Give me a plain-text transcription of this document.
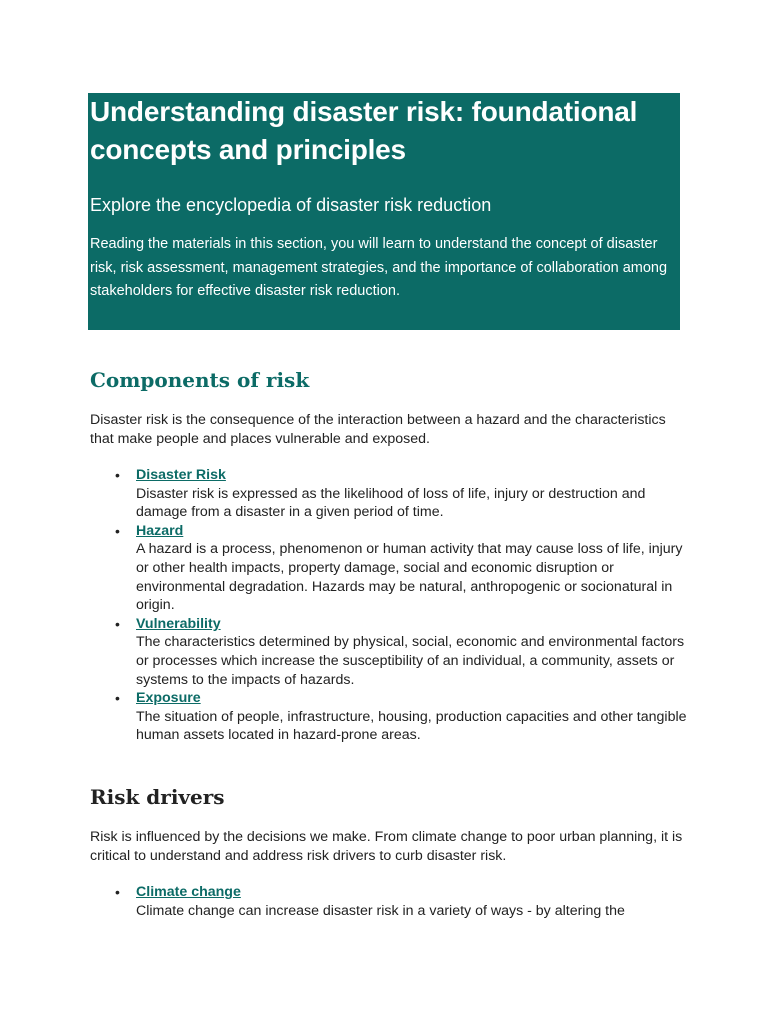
Understanding disaster risk: foundational concepts and principles

Explore the encyclopedia of disaster risk reduction

Reading the materials in this section, you will learn to understand the concept of disaster risk, risk assessment, management strategies, and the importance of collaboration among stakeholders for effective disaster risk reduction.

Components of risk

Disaster risk is the consequence of the interaction between a hazard and the characteristics that make people and places vulnerable and exposed.

• Disaster Risk
Disaster risk is expressed as the likelihood of loss of life, injury or destruction and damage from a disaster in a given period of time.
• Hazard
A hazard is a process, phenomenon or human activity that may cause loss of life, injury or other health impacts, property damage, social and economic disruption or environmental degradation. Hazards may be natural, anthropogenic or socionatural in origin.
• Vulnerability
The characteristics determined by physical, social, economic and environmental factors or processes which increase the susceptibility of an individual, a community, assets or systems to the impacts of hazards.
• Exposure
The situation of people, infrastructure, housing, production capacities and other tangible human assets located in hazard-prone areas.
Risk drivers

Risk is influenced by the decisions we make. From climate change to poor urban planning, it is critical to understand and address risk drivers to curb disaster risk.

• Climate change
Climate change can increase disaster risk in a variety of ways - by altering the
